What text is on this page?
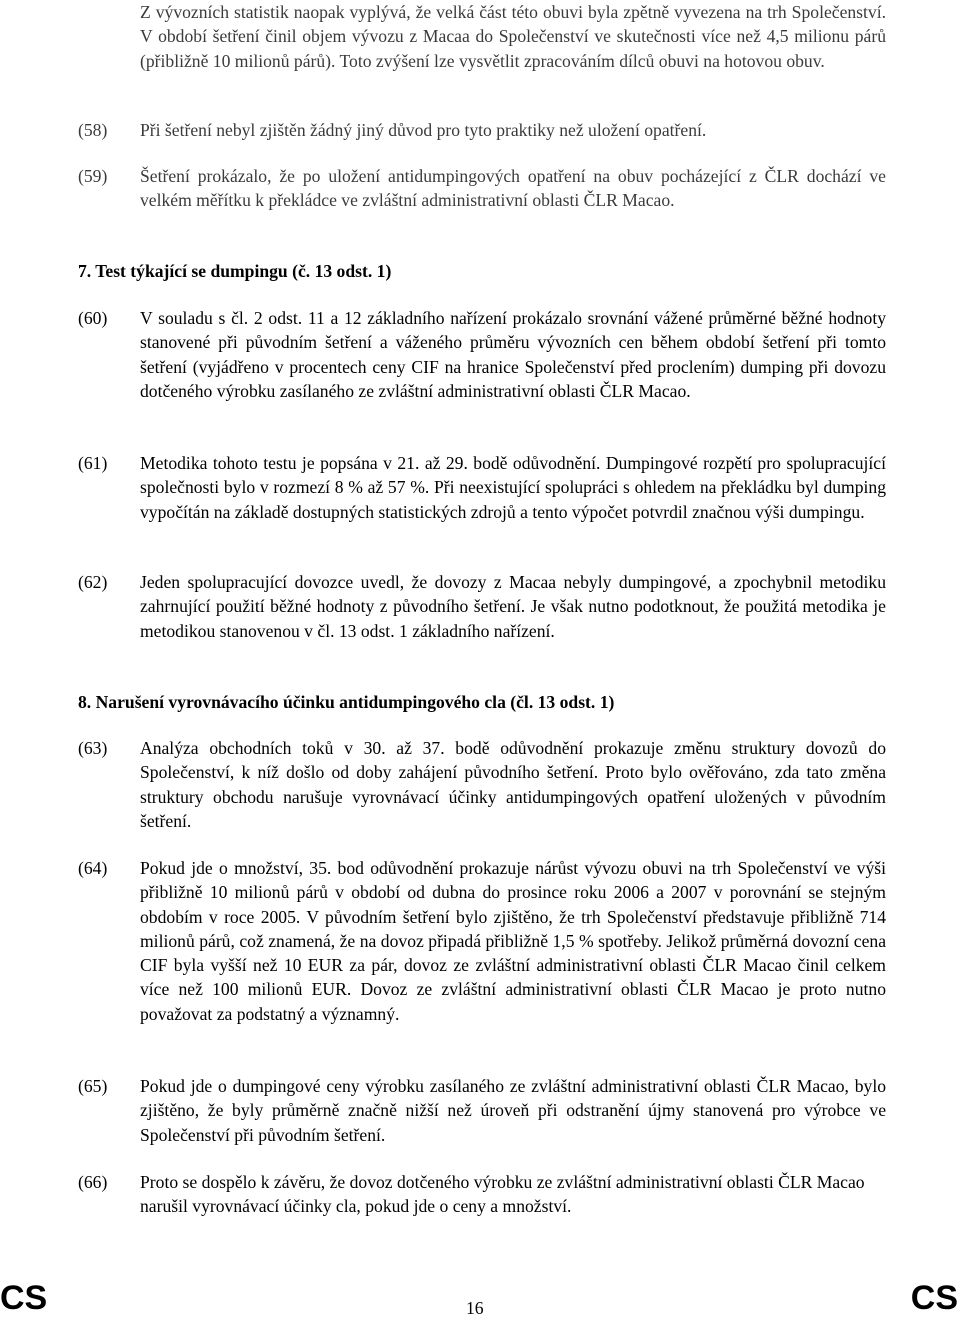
Z vývozních statistik naopak vyplývá, že velká část této obuvi byla zpětně vyvezena na trh Společenství. V období šetření činil objem vývozu z Macaa do Společenství ve skutečnosti více než 4,5 milionu párů (přibližně 10 milionů párů). Toto zvýšení lze vysvětlit zpracováním dílců obuvi na hotovou obuv.
(58)	Při šetření nebyl zjištěn žádný jiný důvod pro tyto praktiky než uložení opatření.
(59)	Šetření prokázalo, že po uložení antidumpingových opatření na obuv pocházející z ČLR dochází ve velkém měřítku k překládce ve zvláštní administrativní oblasti ČLR Macao.
7. Test týkající se dumpingu (č. 13 odst. 1)
(60)	V souladu s čl. 2 odst. 11 a 12 základního nařízení prokázalo srovnání vážené průměrné běžné hodnoty stanovené při původním šetření a váženého průměru vývozních cen během období šetření při tomto šetření (vyjádřeno v procentech ceny CIF na hranice Společenství před proclením) dumping při dovozu dotčeného výrobku zasílaného ze zvláštní administrativní oblasti ČLR Macao.
(61)	Metodika tohoto testu je popsána v 21. až 29. bodě odůvodnění. Dumpingové rozpětí pro spolupracující společnosti bylo v rozmezí 8 % až 57 %. Při neexistující spolupráci s ohledem na překládku byl dumping vypočítán na základě dostupných statistických zdrojů a tento výpočet potvrdil značnou výši dumpingu.
(62)	Jeden spolupracující dovozce uvedl, že dovozy z Macaa nebyly dumpingové, a zpochybnil metodiku zahrnující použití běžné hodnoty z původního šetření. Je však nutno podotknout, že použitá metodika je metodikou stanovenou v čl. 13 odst. 1 základního nařízení.
8. Narušení vyrovnávacího účinku antidumpingového cla (čl. 13 odst. 1)
(63)	Analýza obchodních toků v 30. až 37. bodě odůvodnění prokazuje změnu struktury dovozů do Společenství, k níž došlo od doby zahájení původního šetření. Proto bylo ověřováno, zda tato změna struktury obchodu narušuje vyrovnávací účinky antidumpingových opatření uložených v původním šetření.
(64)	Pokud jde o množství, 35. bod odůvodnění prokazuje nárůst vývozu obuvi na trh Společenství ve výši přibližně 10 milionů párů v období od dubna do prosince roku 2006 a 2007 v porovnání se stejným obdobím v roce 2005. V původním šetření bylo zjištěno, že trh Společenství představuje přibližně 714 milionů párů, což znamená, že na dovoz připadá přibližně 1,5 % spotřeby. Jelikož průměrná dovozní cena CIF byla vyšší než 10 EUR za pár, dovoz ze zvláštní administrativní oblasti ČLR Macao činil celkem více než 100 milionů EUR. Dovoz ze zvláštní administrativní oblasti ČLR Macao je proto nutno považovat za podstatný a významný.
(65)	Pokud jde o dumpingové ceny výrobku zasílaného ze zvláštní administrativní oblasti ČLR Macao, bylo zjištěno, že byly průměrně značně nižší než úroveň při odstranění újmy stanovená pro výrobce ve Společenství při původním šetření.
(66)	Proto se dospělo k závěru, že dovoz dotčeného výrobku ze zvláštní administrativní oblasti ČLR Macao narušil vyrovnávací účinky cla, pokud jde o ceny a množství.
CS	16	CS
